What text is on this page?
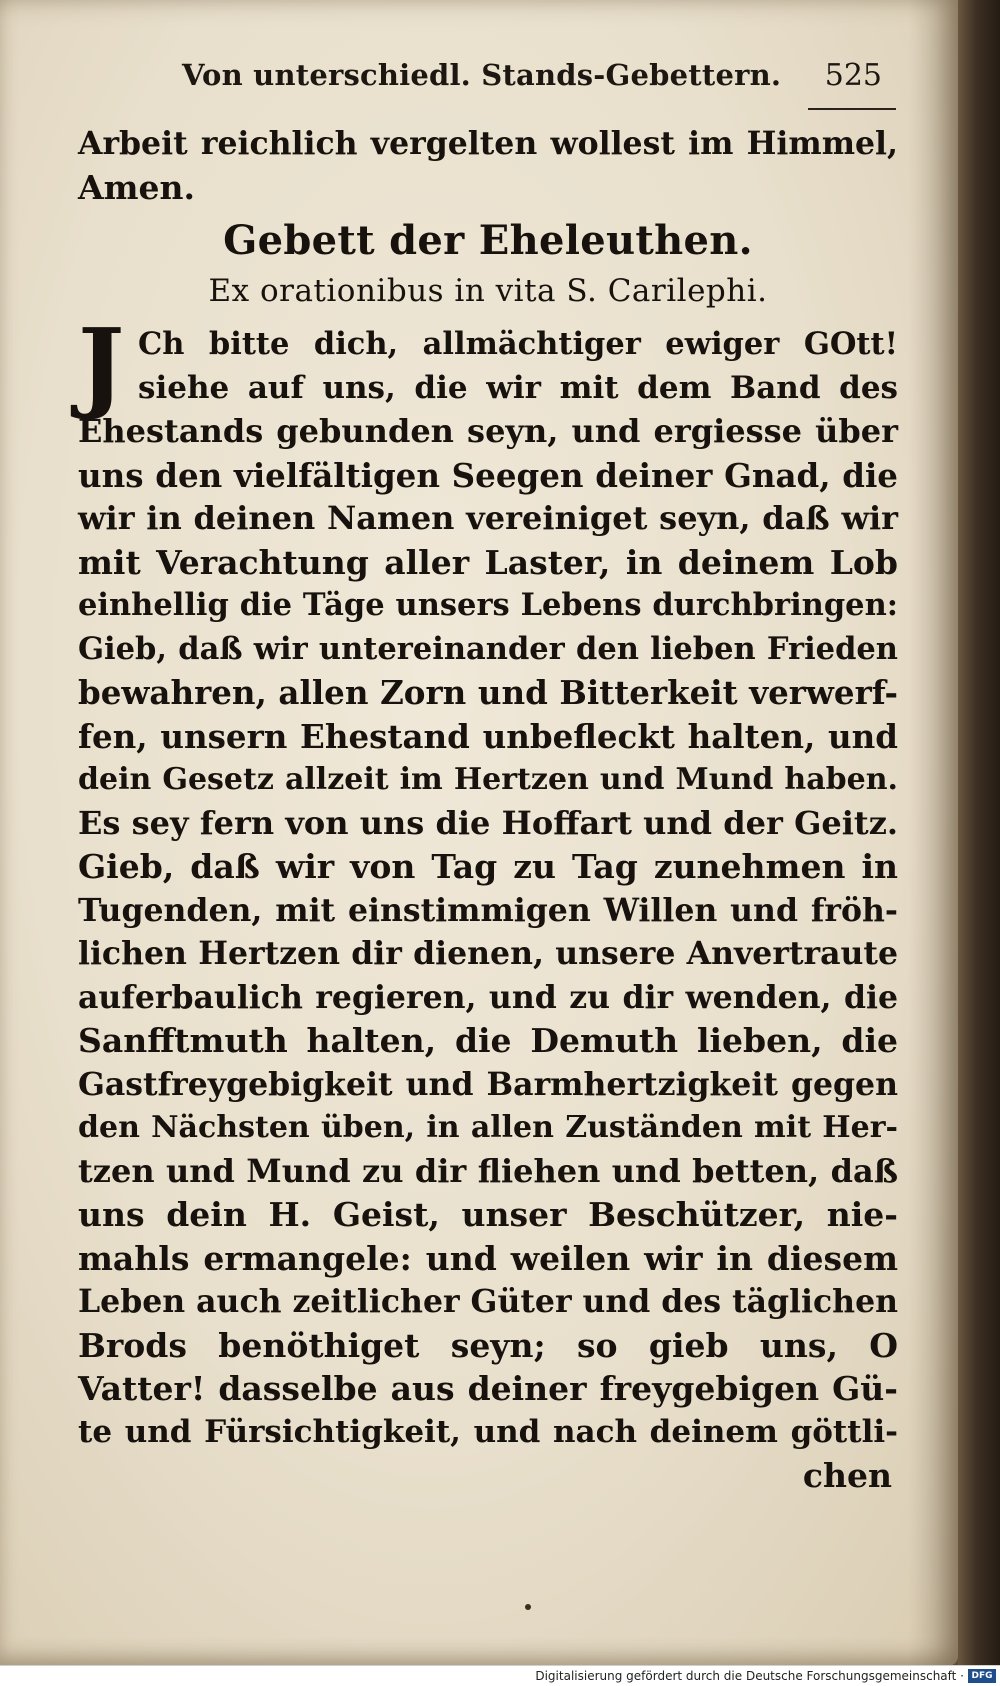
Von unterschiedl. Stands-Gebettern. 525
Arbeit reichlich vergelten wollest im Himmel,
Amen.
Gebett der Eheleuthen.
Ex orationibus in vita S. Carilephi.
J Ch bitte dich, allmächtiger ewiger GOtt!
siehe auf uns, die wir mit dem Band des
Ehestands gebunden seyn, und ergiesse über
uns den vielfältigen Seegen deiner Gnad, die
wir in deinen Namen vereiniget seyn, daß wir
mit Verachtung aller Laster, in deinem Lob
einhellig die Täge unsers Lebens durchbringen:
Gieb, daß wir untereinander den lieben Frieden
bewahren, allen Zorn und Bitterkeit verwerf-
fen, unsern Ehestand unbefleckt halten, und
dein Gesetz allzeit im Hertzen und Mund haben.
Es sey fern von uns die Hoffart und der Geitz.
Gieb, daß wir von Tag zu Tag zunehmen in
Tugenden, mit einstimmigen Willen und fröh-
lichen Hertzen dir dienen, unsere Anvertraute
auferbaulich regieren, und zu dir wenden, die
Sanfftmuth halten, die Demuth lieben, die
Gastfreygebigkeit und Barmhertzigkeit gegen
den Nächsten üben, in allen Zuständen mit Her-
tzen und Mund zu dir fliehen und betten, daß
uns dein H. Geist, unser Beschützer, nie-
mahls ermangele: und weilen wir in diesem
Leben auch zeitlicher Güter und des täglichen
Brods benöthiget seyn; so gieb uns, O
Vatter! dasselbe aus deiner freygebigen Gü-
te und Fürsichtigkeit, und nach deinem göttli-
chen
Digitalisierung gefördert durch die Deutsche Forschungsgemeinschaft · DFG
